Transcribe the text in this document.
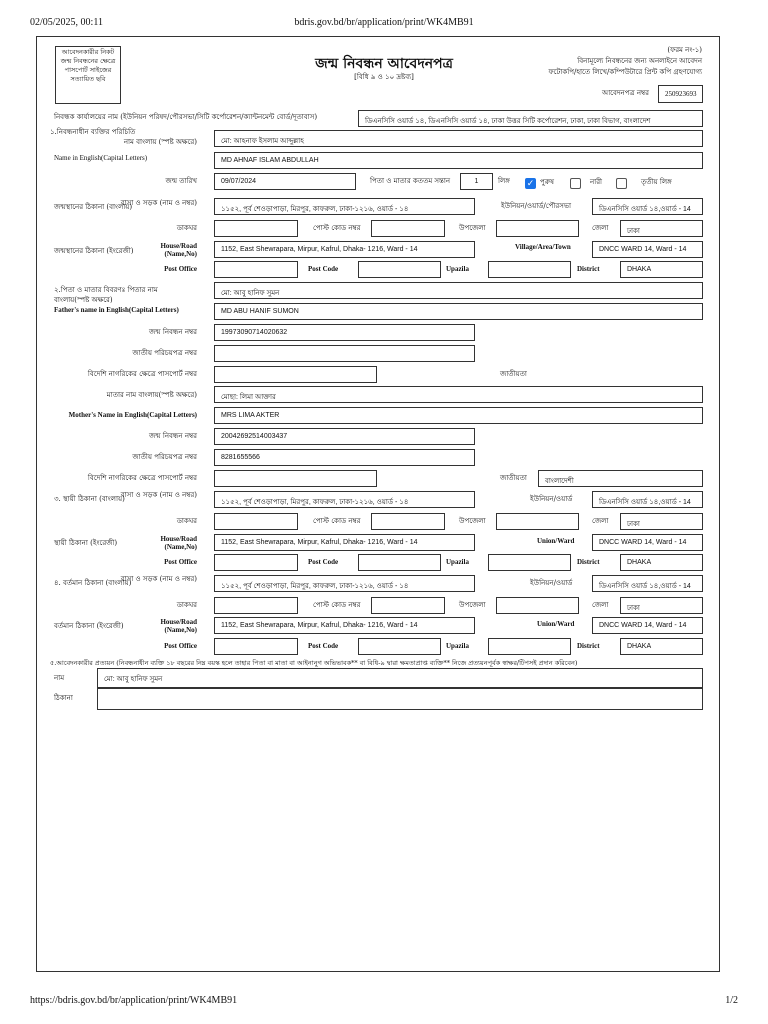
02/05/2025, 00:11	bdris.gov.bd/br/application/print/WK4MB91
https://bdris.gov.bd/br/application/print/WK4MB91	1/2
আবেদনকারীর নিকট জন্ম নিবন্ধনের ক্ষেত্রে পাসপোর্ট সাইজের সত্যায়িত ছবি
জন্ম নিবন্ধন আবেদনপত্র
[বিধি ৯ ও ১০ দ্রষ্টব্য]
(ফরম নং-১)
বিনামূল্যে নিবন্ধনের জন্য অনলাইনে আবেদন
ফটোকপি/হাতে লিখে/কম্পিউটারে প্রিন্ট কপি গ্রহণযোগ্য
আবেদনপত্র নম্বর	250923693
নিবন্ধক কার্যালয়ের নাম (ইউনিয়ন পরিষদ/পৌরসভা/সিটি কর্পোরেশন/ক্যান্টনমেন্ট বোর্ড/দূতাবাস)
ডিএনসিসি ওয়ার্ড ১৪, ডিএনসিসি ওয়ার্ড ১৪, ঢাকা উত্তর সিটি কর্পোরেশন, ঢাকা, ঢাকা বিভাগ, বাংলাদেশ
১.নিবন্ধনাধীন ব্যক্তির পরিচিতি
নাম বাংলায় (স্পষ্ট অক্ষরে)	মো: আহনাফ ইসলাম আব্দুল্লাহ
Name in English(Capital Letters)	MD AHNAF ISLAM ABDULLAH
জন্ম তারিখ	09/07/2024	পিতা ও মাতার কততম সন্তান	1	লিঙ্গ ✓ পুরুষ	নারী	তৃতীয় লিঙ্গ
জন্মস্থানের ঠিকানা (বাংলায়)
বাসা ও সড়ক (নাম ও নম্বর)
১১৫২, পূর্ব শেওড়াপাড়া, মিরপুর, কাফরুল, ঢাকা-১২১৬, ওয়ার্ড - ১৪	ইউনিয়ন/ওয়ার্ড/পৌরসভা	ডিএনসিসি ওয়ার্ড ১৪,ওয়ার্ড - 14
ডাকঘর	পোস্ট কোড নম্বর	উপজেলা	জেলা	ঢাকা
জন্মস্থানের ঠিকানা (ইংরেজী)
House/Road (Name,No)
1152, East Shewrapara, Mirpur, Kafrul, Dhaka- 1216, Ward - 14	Village/Area/Town	DNCC WARD 14, Ward - 14
Post Office	Post Code	Upazila	District	DHAKA
২.পিতা ও মাতার বিবরণঃ পিতার নাম
বাংলায়(স্পষ্ট অক্ষরে)
মো: আবু হানিফ সুমন
Father's name in English(Capital Letters)	MD ABU HANIF SUMON
জন্ম নিবন্ধন নম্বর	19973090714020632
জাতীয় পরিচয়পত্র নম্বর
বিদেশি নাগরিকের ক্ষেত্রে পাসপোর্ট নম্বর	জাতীয়তা
মাতার নাম বাংলায়(স্পষ্ট অক্ষরে)	মোছা: লিমা আক্তার
Mother's Name in English(Capital Letters)	MRS LIMA AKTER
জন্ম নিবন্ধন নম্বর	20042692514003437
জাতীয় পরিচয়পত্র নম্বর	8281655566
বিদেশি নাগরিকের ক্ষেত্রে পাসপোর্ট নম্বর	জাতীয়তা	বাংলাদেশী
৩. স্থায়ী ঠিকানা (বাংলায়)
বাসা ও সড়ক (নাম ও নম্বর)
১১৫২, পূর্ব শেওড়াপাড়া, মিরপুর, কাফরুল, ঢাকা-১২১৬, ওয়ার্ড - ১৪	ইউনিয়ন/ওয়ার্ড	ডিএনসিসি ওয়ার্ড ১৪,ওয়ার্ড - 14
ডাকঘর	পোস্ট কোড নম্বর	উপজেলা	জেলা	ঢাকা
স্থায়ী ঠিকানা (ইংরেজী)	House/Road (Name,No)
1152, East Shewrapara, Mirpur, Kafrul, Dhaka- 1216, Ward - 14	Union/Ward	DNCC WARD 14, Ward - 14
Post Office	Post Code	Upazila	District	DHAKA
৪. বর্তমান ঠিকানা (বাংলায়)
বাসা ও সড়ক (নাম ও নম্বর)
১১৫২, পূর্ব শেওড়াপাড়া, মিরপুর, কাফরুল, ঢাকা-১২১৬, ওয়ার্ড - ১৪	ইউনিয়ন/ওয়ার্ড	ডিএনসিসি ওয়ার্ড ১৪,ওয়ার্ড - 14
ডাকঘর	পোস্ট কোড নম্বর	উপজেলা	জেলা	ঢাকা
বর্তমান ঠিকানা (ইংরেজী)	House/Road (Name,No)
1152, East Shewrapara, Mirpur, Kafrul, Dhaka- 1216, Ward - 14	Union/Ward	DNCC WARD 14, Ward - 14
Post Office	Post Code	Upazila	District	DHAKA
৫.আবেদনকারীর প্রত্যয়ন (নিবন্ধনাধীন ব্যক্তি ১৮ বছরের নিম্ন বয়স্ক হলে তাহার পিতা বা মাতা বা আইনানুগ অভিভাবক** বা বিধি-৯ দ্বারা ক্ষমতাপ্রাপ্ত ব্যক্তি** নিজে প্রত্যয়নপূর্বক স্বাক্ষর/টিপসই প্রদান করিবেন)
নাম	মো: আবু হানিফ সুমন
ঠিকানা
